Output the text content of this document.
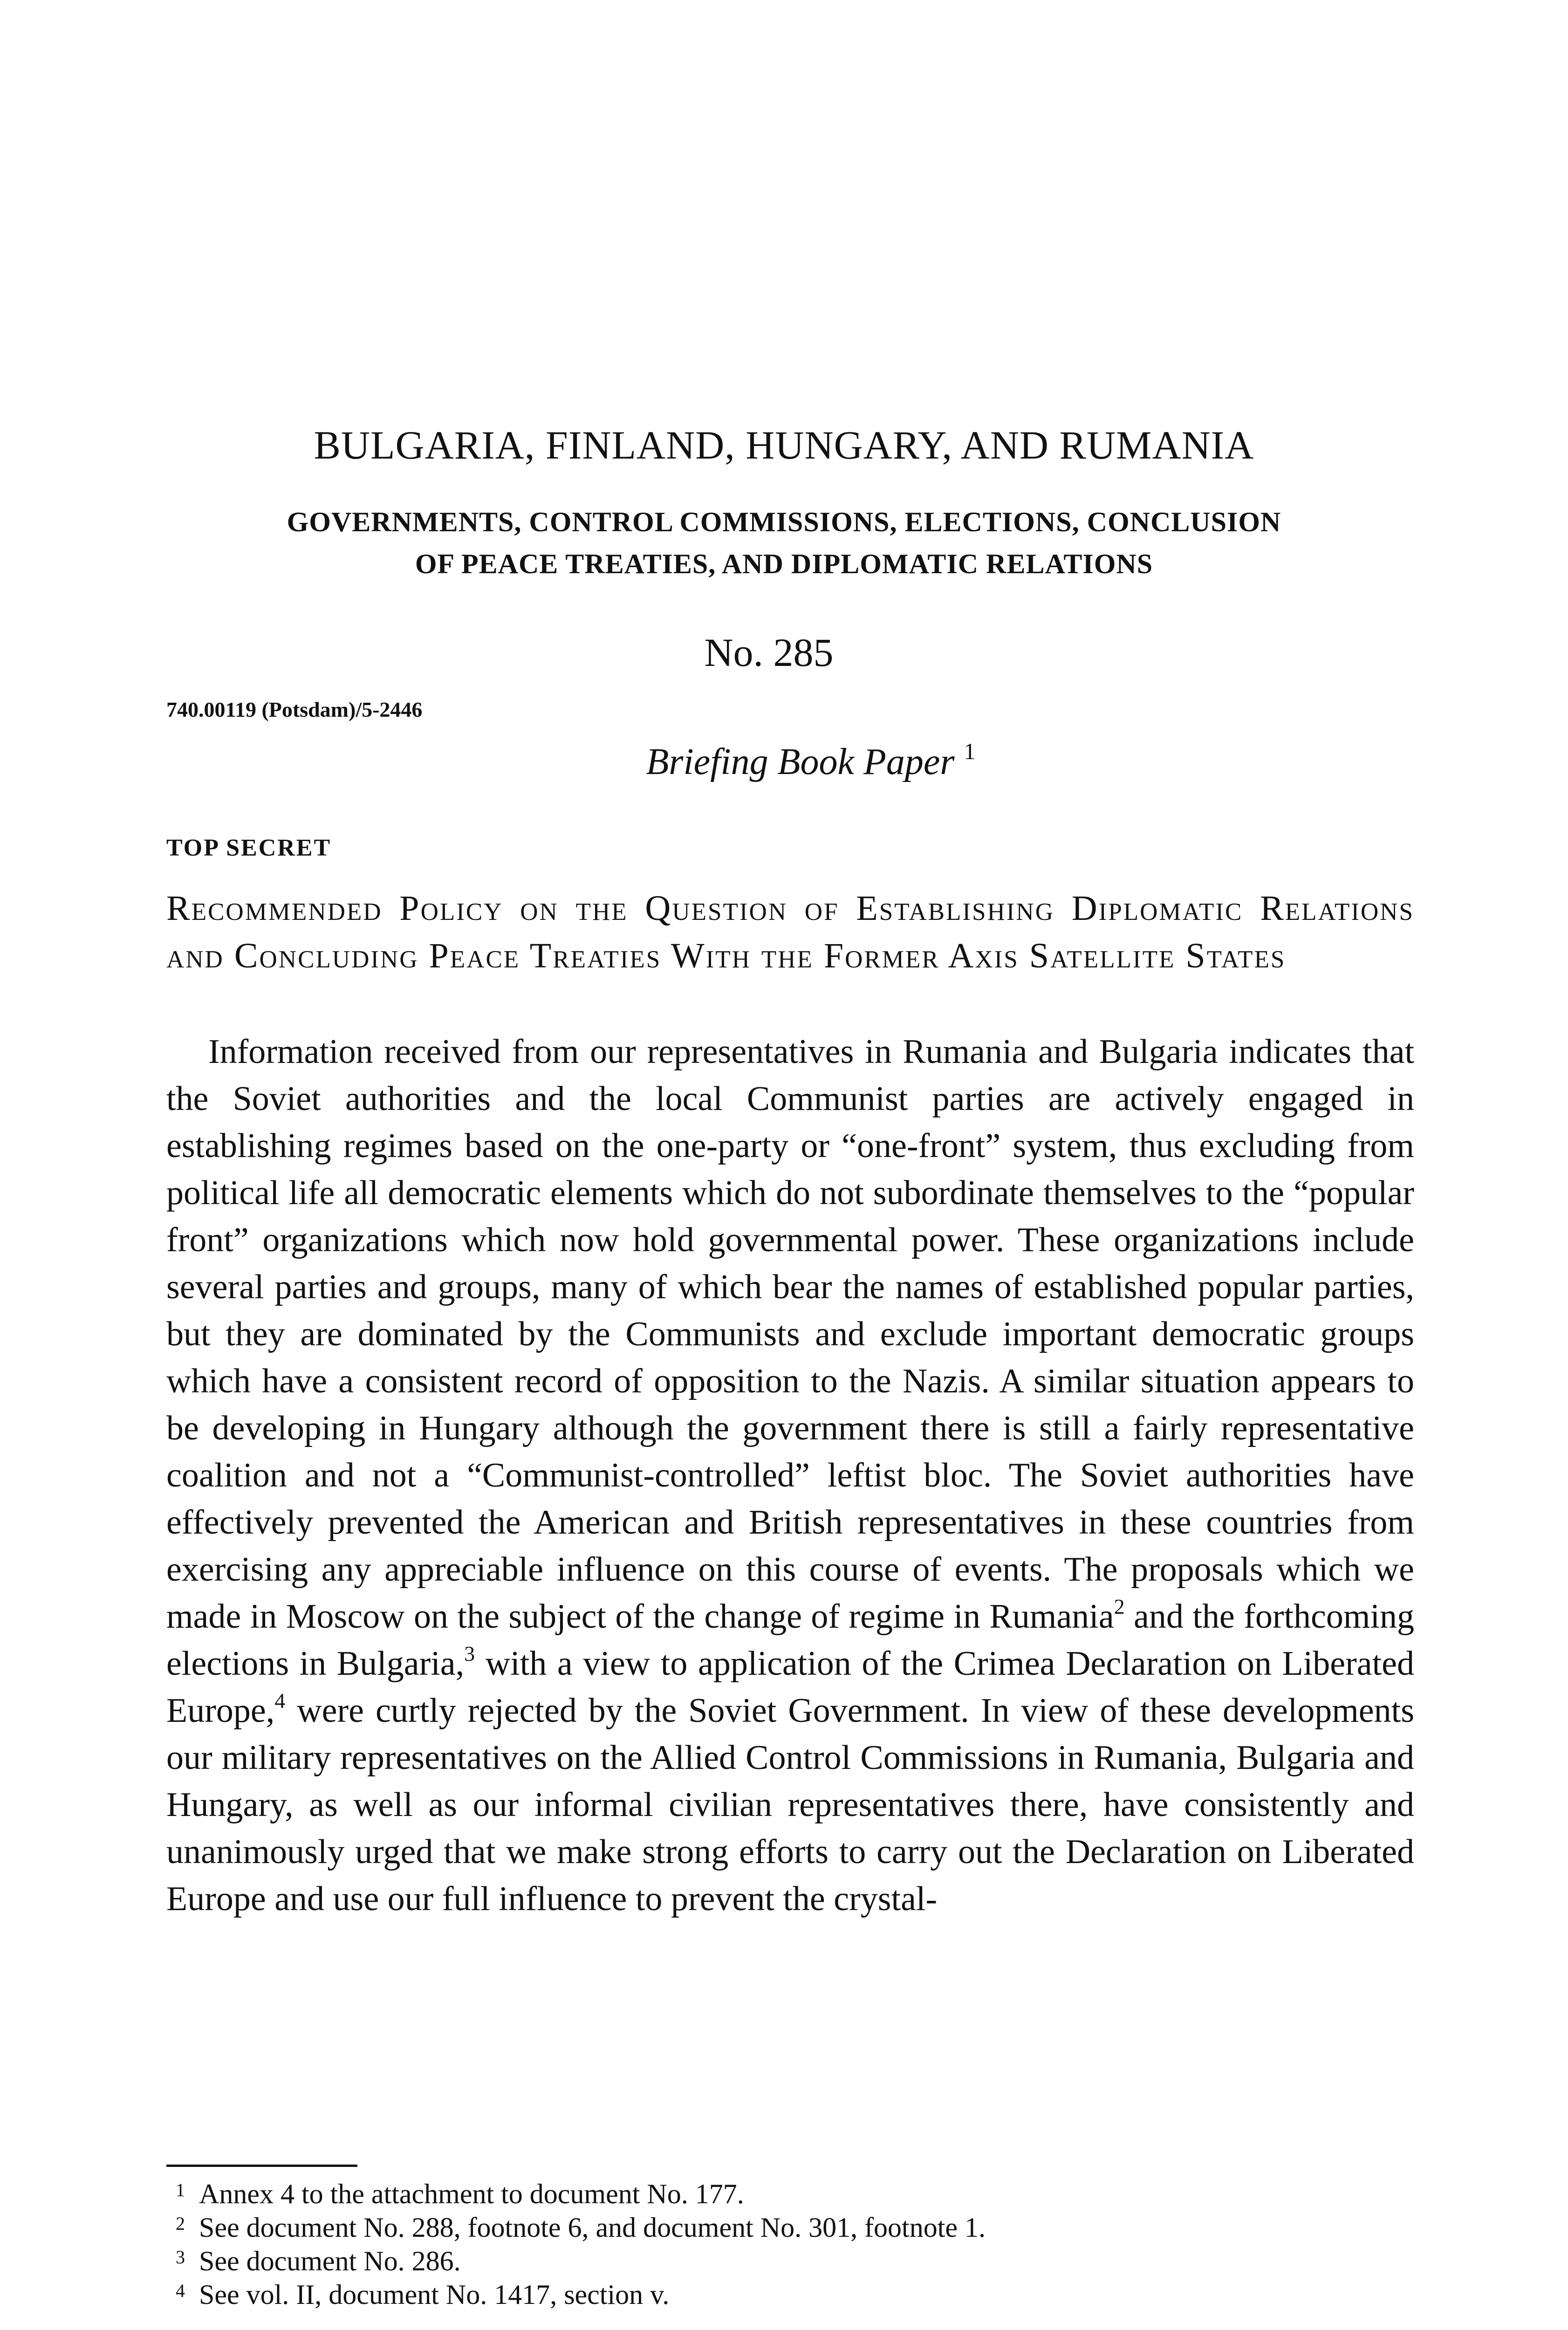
BULGARIA, FINLAND, HUNGARY, AND RUMANIA
GOVERNMENTS, CONTROL COMMISSIONS, ELECTIONS, CONCLUSION
OF PEACE TREATIES, AND DIPLOMATIC RELATIONS
No. 285
740.00119 (Potsdam)/5-2446
Briefing Book Paper $^1$
TOP SECRET
Recommended Policy on the Question of Establishing Diplomatic Relations and Concluding Peace Treaties With the Former Axis Satellite States
Information received from our representatives in Rumania and Bulgaria indicates that the Soviet authorities and the local Communist parties are actively engaged in establishing regimes based on the one-party or “one-front” system, thus excluding from political life all democratic elements which do not subordinate themselves to the “popular front” organizations which now hold governmental power. These organizations include several parties and groups, many of which bear the names of established popular parties, but they are dominated by the Communists and exclude important democratic groups which have a consistent record of opposition to the Nazis. A similar situation appears to be developing in Hungary although the government there is still a fairly representative coalition and not a “Communist-controlled” leftist bloc. The Soviet authorities have effectively prevented the American and British representatives in these countries from exercising any appreciable influence on this course of events. The proposals which we made in Moscow on the subject of the change of regime in Rumania$^2$ and the forthcoming elections in Bulgaria,$^3$ with a view to application of the Crimea Declaration on Liberated Europe,$^4$ were curtly rejected by the Soviet Government. In view of these developments our military representatives on the Allied Control Commissions in Rumania, Bulgaria and Hungary, as well as our informal civilian representatives there, have consistently and unanimously urged that we make strong efforts to carry out the Declaration on Liberated Europe and use our full influence to prevent the crystal-
1 Annex 4 to the attachment to document No. 177.
2 See document No. 288, footnote 6, and document No. 301, footnote 1.
3 See document No. 286.
4 See vol. II, document No. 1417, section v.
